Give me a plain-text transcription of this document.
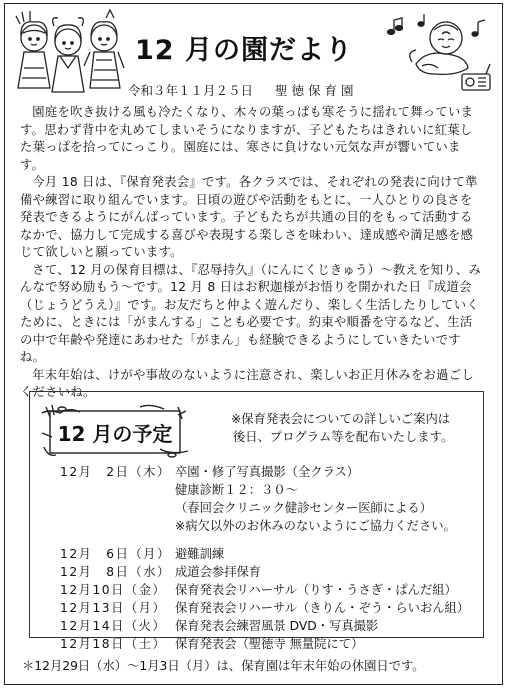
12 月の園だより
令和３年１１月２５日 聖徳保育園

園庭を吹き抜ける風も冷たくなり、木々の葉っぱも寒そうに揺れて舞っています。思わず背中を丸めてしまいそうになりますが、子どもたちはきれいに紅葉した葉っぱを拾ってにっこり。園庭には、寒さに負けない元気な声が響いています。

今月 18 日は、『保育発表会』です。各クラスでは、それぞれの発表に向けて準備や練習に取り組んでいます。日頃の遊びや活動をもとに、一人ひとりの良さを発表できるようにがんばっています。子どもたちが共通の目的をもって活動するなかで、協力して完成する喜びや表現する楽しさを味わい、達成感や満足感を感じて欲しいと願っています。

さて、12 月の保育目標は、『忍辱持久』（にんにくじきゅう）～教えを知り、みんなで努め励もう～です。12 月 8 日はお釈迦様がお悟りを開かれた日『成道会（じょうどうえ）』です。お友だちと仲よく遊んだり、楽しく生活したりしていくために、ときには「がまんする」ことも必要です。約束や順番を守るなど、生活の中で年齢や発達にあわせた「がまん」も経験できるようにしていきたいですね。

年末年始は、けがや事故のないように注意され、楽しいお正月休みをお過ごしくださいね。

12 月の予定
※保育発表会についての詳しいご案内は
後日、プログラム等を配布いたします。
12月　2日（木） 卒園・修了写真撮影（全クラス）
健康診断１２：３０～
（春回会クリニック健診センター医師による）
※病欠以外のお休みのないようにご協力ください。
12月　6日（月） 避難訓練
12月　8日（水） 成道会参拝保育
12月10日（金） 保育発表会リハーサル（りす・うさぎ・ぱんだ組）
12月13日（月） 保育発表会リハーサル（きりん・ぞう・らいおん組）
12月14日（火） 保育発表会練習風景 DVD・写真撮影
12月18日（土） 保育発表会（聖徳寺 無量院にて）
＊12月29日（水）～1月3日（月）は、保育園は年末年始の休園日です。
